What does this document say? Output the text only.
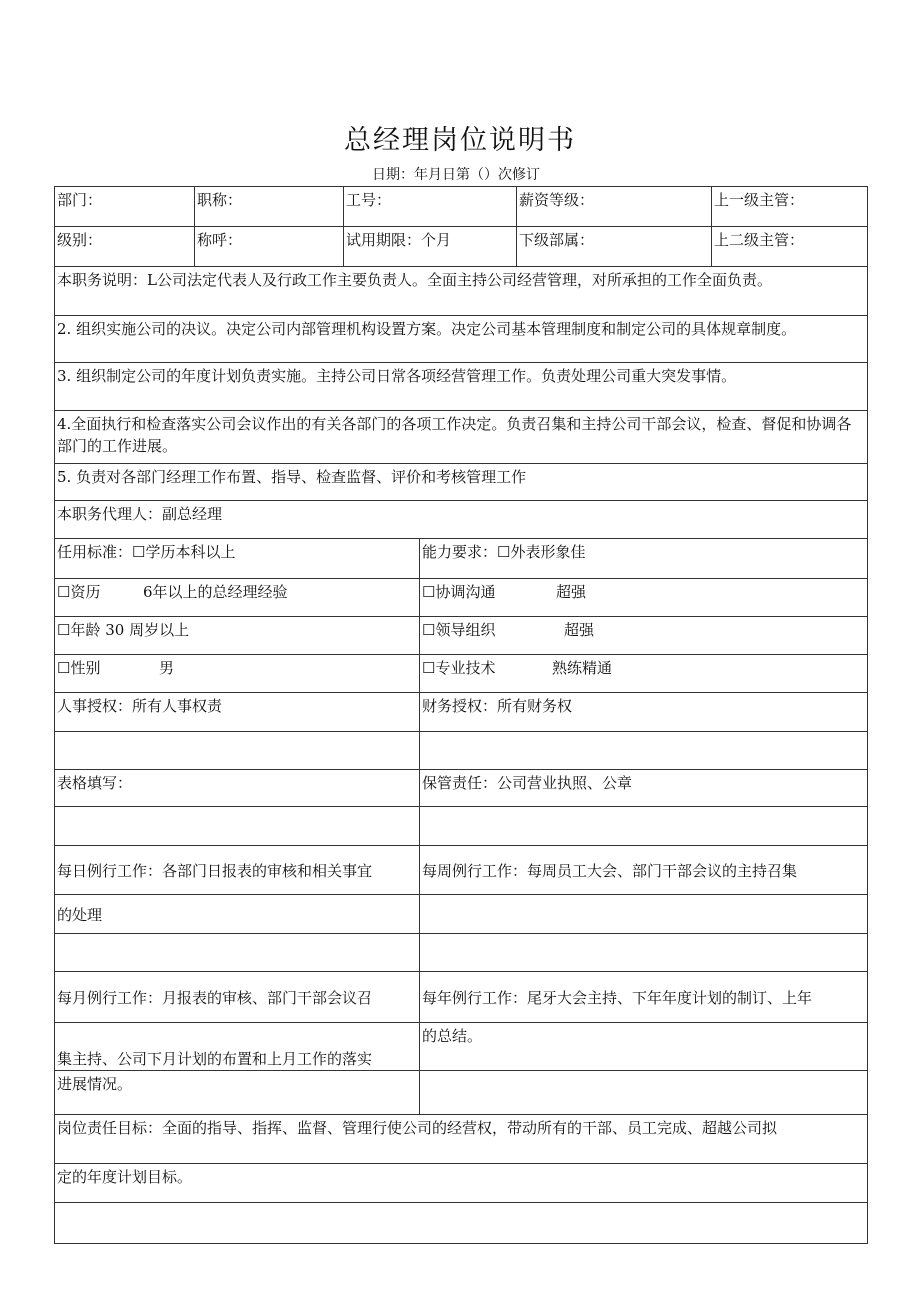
总经理岗位说明书
日期：年月日第（）次修订
部门：	职称：	工号：		薪资等级：	上一级主管：
级别：	称呼：	试用期限：个月		下级部属：	上二级主管：
本职务说明：L公司法定代表人及行政工作主要负责人。全面主持公司经营管理，对所承担的工作全面负责。					
2. 组织实施公司的决议。决定公司内部管理机构设置方案。决定公司基本管理制度和制定公司的具体规章制度。					
3. 组织制定公司的年度计划负责实施。主持公司日常各项经营管理工作。负责处理公司重大突发事情。					
4.全面执行和检查落实公司会议作出的有关各部门的各项工作决定。负责召集和主持公司干部会议，检查、督促和协调各部门的工作进展。					
5. 负责对各部门经理工作布置、指导、检查监督、评价和考核管理工作					
本职务代理人：副总经理					
任用标准：☐学历本科以上			能力要求：☐外表形象佳		
☐资历 6年以上的总经理经验			☐协调沟通 超强		
☐年龄 30 周岁以上			☐领导组织 超强		
☐性别 男			☐专业技术 熟练精通		
人事授权：所有人事权责			财务授权：所有财务权		

表格填写：			保管责任：公司营业执照、公章		

每日例行工作：各部门日报表的审核和相关事宜			每周例行工作：每周员工大会、部门干部会议的主持召集		
的处理					

每月例行工作：月报表的审核、部门干部会议召			每年例行工作：尾牙大会主持、下年年度计划的制订、上年		
集主持、公司下月计划的布置和上月工作的落实			的总结。		
进展情况。					
岗位责任目标：全面的指导、指挥、监督、管理行使公司的经营权，带动所有的干部、员工完成、超越公司拟					
定的年度计划目标。					
